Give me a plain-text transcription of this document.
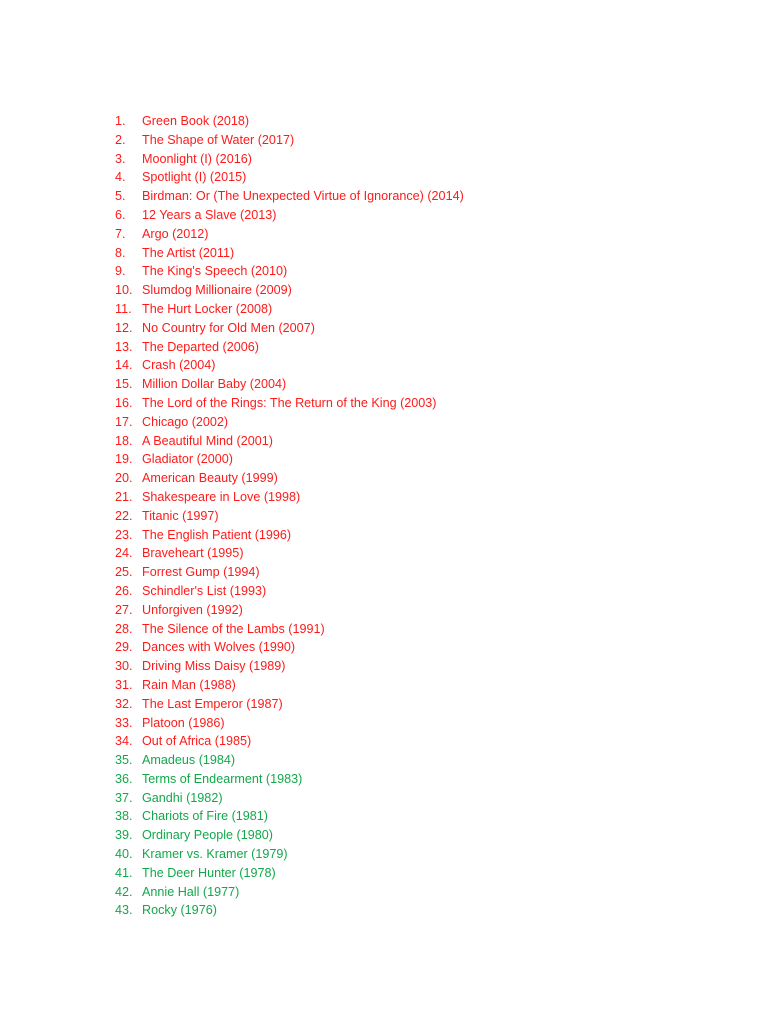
1.	Green Book (2018)
2.	The Shape of Water (2017)
3.	Moonlight (I) (2016)
4.	Spotlight (I) (2015)
5.	Birdman: Or (The Unexpected Virtue of Ignorance) (2014)
6.	12 Years a Slave (2013)
7.	Argo (2012)
8.	The Artist (2011)
9.	The King's Speech (2010)
10. Slumdog Millionaire (2009)
11. The Hurt Locker (2008)
12. No Country for Old Men (2007)
13. The Departed (2006)
14. Crash (2004)
15. Million Dollar Baby (2004)
16. The Lord of the Rings: The Return of the King (2003)
17. Chicago (2002)
18. A Beautiful Mind (2001)
19. Gladiator (2000)
20. American Beauty (1999)
21. Shakespeare in Love (1998)
22. Titanic (1997)
23. The English Patient (1996)
24. Braveheart (1995)
25. Forrest Gump (1994)
26. Schindler's List (1993)
27. Unforgiven (1992)
28. The Silence of the Lambs (1991)
29. Dances with Wolves (1990)
30. Driving Miss Daisy (1989)
31. Rain Man (1988)
32. The Last Emperor (1987)
33. Platoon (1986)
34. Out of Africa (1985)
35. Amadeus (1984)
36. Terms of Endearment (1983)
37. Gandhi (1982)
38. Chariots of Fire (1981)
39. Ordinary People (1980)
40. Kramer vs. Kramer (1979)
41. The Deer Hunter (1978)
42. Annie Hall (1977)
43. Rocky (1976)
